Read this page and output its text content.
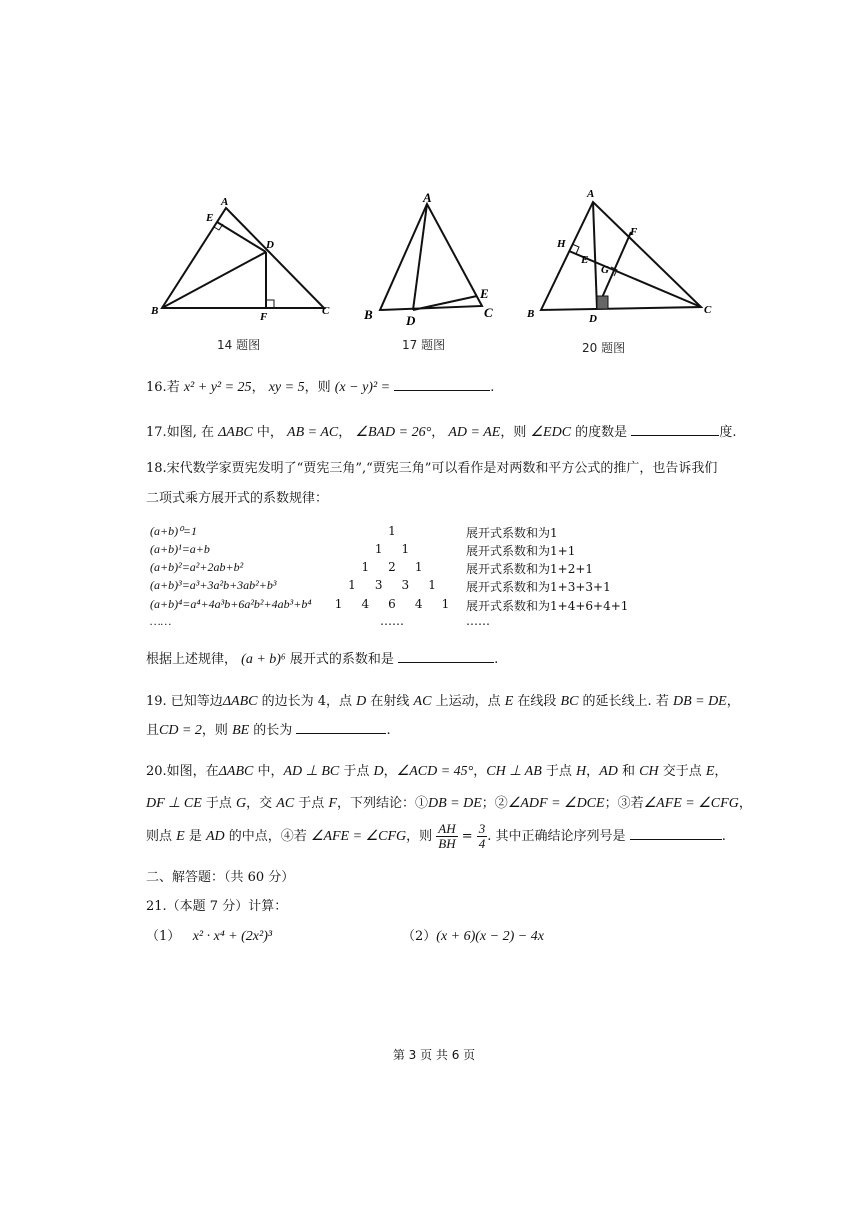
A
E
D
B	F	C
14 题图
A
B	D
E
C
17 题图
A
H
F
E
G
B	D
C
20 题图
16.若 x² + y² = 25， xy = 5，则 (x − y)² =	.
17.如图, 在 ΔABC 中， AB = AC， ∠BAD = 26°， AD = AE，则 ∠EDC 的度数是	度.
18.宋代数学家贾宪发明了“贾宪三角”,“贾宪三角”可以看作是对两数和平方公式的推广，也告诉我们
二项式乘方展开式的系数规律：
(a+b)⁰=1	1	展开式系数和为1
(a+b)¹=a+b	1     1	展开式系数和为1+1
(a+b)²=a²+2ab+b²	1     2     1	展开式系数和为1+2+1
(a+b)³=a³+3a²b+3ab²+b³	1     3     3     1	展开式系数和为1+3+3+1
(a+b)⁴=a⁴+4a³b+6a²b²+4ab³+b⁴ 1     4     6     4     1 展开式系数和为1+4+6+4+1
……	……	……
根据上述规律， (a + b)⁶ 展开式的系数和是	.
19. 已知等边ΔABC 的边长为 4，点 D 在射线 AC 上运动，点 E 在线段 BC 的延长线上. 若 DB = DE，
且CD = 2，则 BE 的长为	.
20.如图，在ΔABC 中，AD ⊥ BC 于点 D，∠ACD = 45°，CH ⊥ AB 于点 H，AD 和 CH 交于点 E，
DF ⊥ CE 于点 G，交 AC 于点 F，下列结论：①DB = DE；②∠ADF = ∠DCE；③若∠AFE = ∠CFG，
则点 E 是 AD 的中点，④若 ∠AFE = ∠CFG，则 $\frac{AH}{BH} = \frac{3}{4}$ . 其中正确结论序列号是	.
二、解答题：（共 60 分）
21.（本题 7 分）计算：
（1） x² · x⁴ + (2x²)³	（2）(x + 6)(x − 2) − 4x
第 3 页 共 6 页
